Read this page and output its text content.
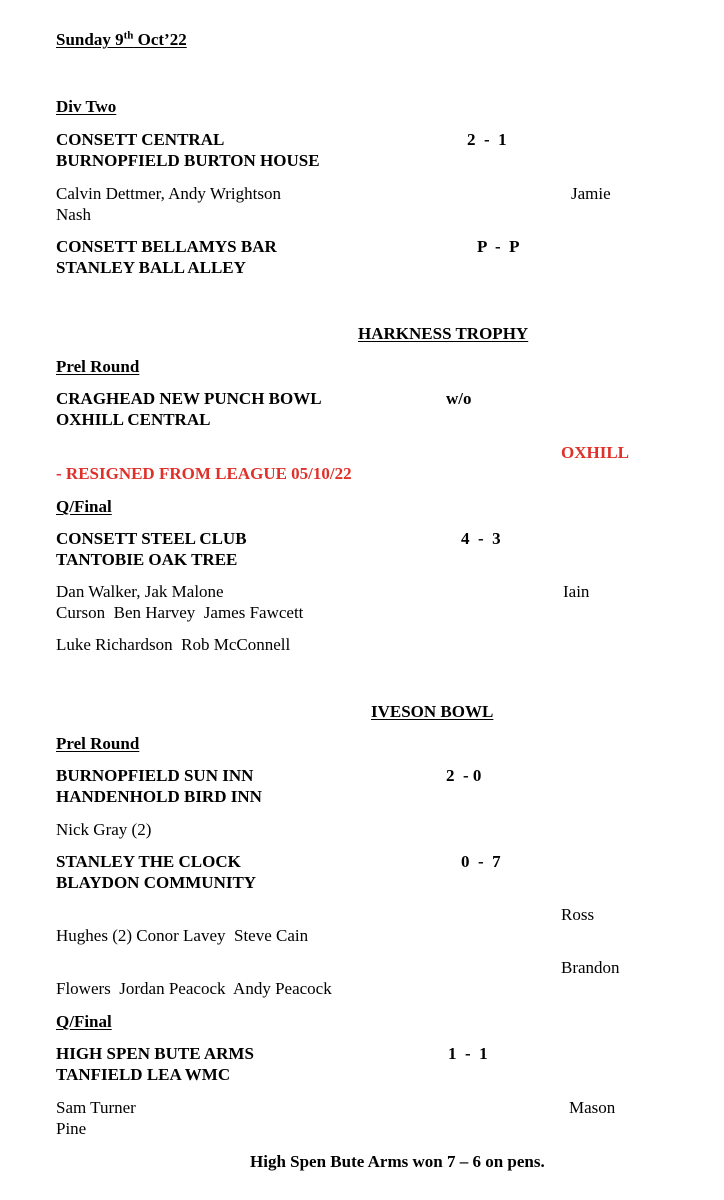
Sunday 9th Oct’22
Div Two
CONSETT CENTRAL
BURNOPFIELD BURTON HOUSE
2  -  1
Calvin Dettmer, Andy Wrightson	Jamie
Nash
CONSETT BELLAMYS BAR
STANLEY BALL ALLEY
P  -  P
HARKNESS TROPHY
Prel Round
CRAGHEAD NEW PUNCH BOWL
OXHILL CENTRAL
w/o
OXHILL
- RESIGNED FROM LEAGUE 05/10/22
Q/Final
CONSETT STEEL CLUB
TANTOBIE OAK TREE
4  -  3
Dan Walker, Jak Malone	Iain
Curson  Ben Harvey  James Fawcett
Luke Richardson  Rob McConnell
IVESON BOWL
Prel Round
BURNOPFIELD SUN INN
HANDENHOLD BIRD INN
2  - 0
Nick Gray (2)
STANLEY THE CLOCK
BLAYDON COMMUNITY
0  -  7
Ross
Hughes (2) Conor Lavey  Steve Cain
Brandon
Flowers  Jordan Peacock  Andy Peacock
Q/Final
HIGH SPEN BUTE ARMS
TANFIELD LEA WMC
1  -  1
Sam Turner	Mason
Pine
High Spen Bute Arms won 7 – 6 on pens.
